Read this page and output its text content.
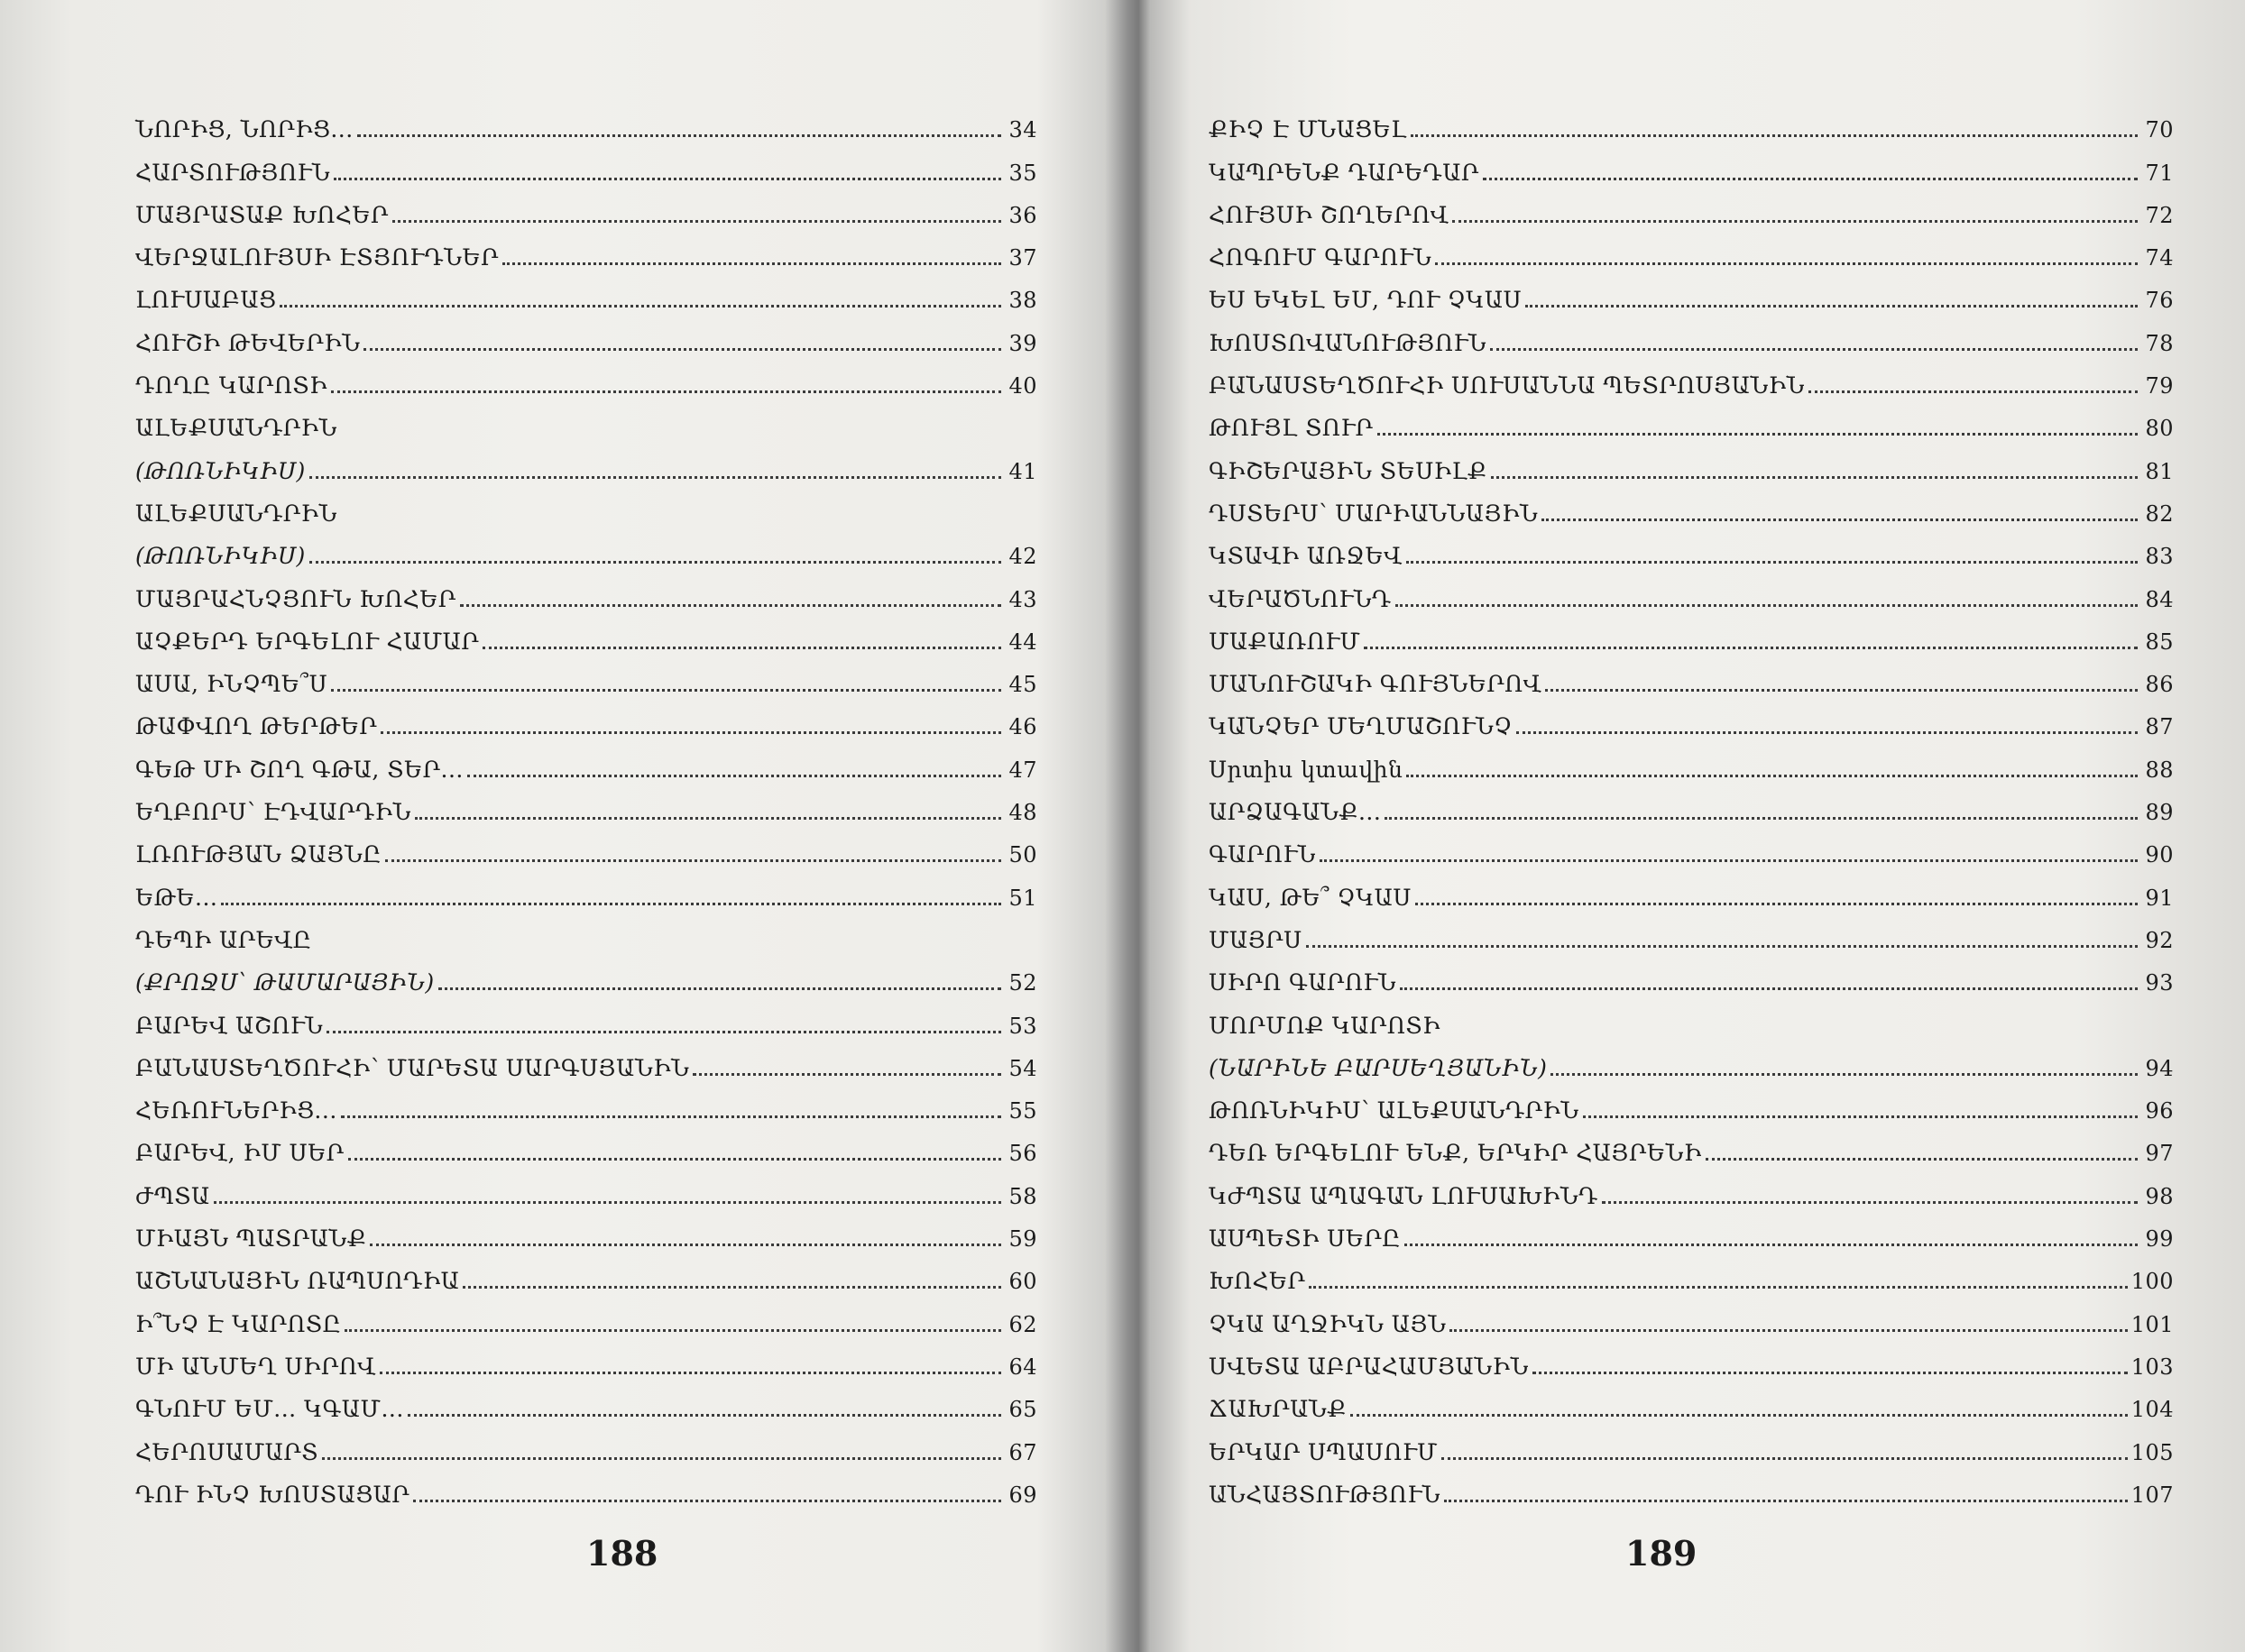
ՆՈՐԻՑ, ՆՈՐԻՑ...	34
ՀԱՐՏՈՒԹՅՈՒՆ	35
ՄԱՅՐԱՏԱՔ ԽՈՀԵՐ	36
ՎԵՐՋԱԼՈՒՅՍԻ ԷՏՅՈՒԴՆԵՐ	37
ԼՈՒՍԱԲԱՑ	38
ՀՈՒՇԻ ԹԵՎԵՐԻՆ	39
ԴՈՂԸ ԿԱՐՈՏԻ	40
ԱԼԵՔՍԱՆԴՐԻՆ
(ԹՈՌՆԻԿԻՍ)	41
ԱԼԵՔՍԱՆԴՐԻՆ
(ԹՈՌՆԻԿԻՍ)	42
ՄԱՅՐԱՀՆՉՅՈՒՆ ԽՈՀԵՐ	43
ԱՉՔԵՐԴ ԵՐԳԵԼՈՒ ՀԱՄԱՐ	44
ԱՍԱ, ԻՆՉՊԵ՞Ս	45
ԹԱՓՎՈՂ ԹԵՐԹԵՐ	46
ԳԵԹ ՄԻ ՇՈՂ ԳԹԱ, ՏԵՐ...	47
ԵՂԲՈՐՍ՝ ԷԴՎԱՐԴԻՆ	48
ԼՌՈՒԹՅԱՆ ՁԱՅՆԸ	50
ԵԹԵ...	51
ԴԵՊԻ ԱՐԵՎԸ
(ՔՐՈՋՍ՝ ԹԱՄԱՐԱՅԻՆ)	52
ԲԱՐԵՎ ԱՇՈՒՆ	53
ԲԱՆԱՍՏԵՂԾՈՒՀԻ՝ ՄԱՐԵՏԱ ՍԱՐԳՍՅԱՆԻՆ	54
ՀԵՌՈՒՆԵՐԻՑ...	55
ԲԱՐԵՎ, ԻՄ ՍԵՐ	56
ԺՊՏԱ	58
ՄԻԱՅՆ ՊԱՏՐԱՆՔ	59
ԱՇՆԱՆԱՅԻՆ ՌԱՊՍՈԴԻԱ	60
Ի՞ՆՉ Է ԿԱՐՈՏԸ	62
ՄԻ ԱՆՄԵՂ ՍԻՐՈՎ	64
ԳՆՈՒՄ ԵՄ... ԿԳԱՄ...	65
ՀԵՐՈՍԱՄԱՐՏ	67
ԴՈՒ ԻՆՉ ԽՈՍՏԱՑԱՐ	69
188
ՔԻՉ Է ՄՆԱՑԵԼ	70
ԿԱՊՐԵՆՔ ԴԱՐԵԴԱՐ	71
ՀՈՒՅՍԻ ՇՈՂԵՐՈՎ	72
ՀՈԳՈՒՄ ԳԱՐՈՒՆ	74
ԵՍ ԵԿԵԼ ԵՄ, ԴՈՒ ՉԿԱՍ	76
ԽՈՍՏՈՎԱՆՈՒԹՅՈՒՆ	78
ԲԱՆԱՍՏԵՂԾՈՒՀԻ ՍՈՒՍԱՆՆԱ ՊԵՏՐՈՍՅԱՆԻՆ	79
ԹՈՒՅԼ ՏՈՒՐ	80
ԳԻՇԵՐԱՅԻՆ ՏԵՍԻԼՔ	81
ԴՍՏԵՐՍ՝ ՄԱՐԻԱՆՆԱՅԻՆ	82
ԿՏԱՎԻ ԱՌՋԵՎ	83
ՎԵՐԱԾՆՈՒՆԴ	84
ՄԱՔԱՌՈՒՄ	85
ՄԱՆՈՒՇԱԿԻ ԳՈՒՅՆԵՐՈՎ	86
ԿԱՆՉԵՐ ՄԵՂՄԱՇՈՒՆՉ	87
Սրտիս կտավին	88
ԱՐՁԱԳԱՆՔ...	89
ԳԱՐՈՒՆ	90
ԿԱՍ, ԹԵ՞ ՉԿԱՍ	91
ՄԱՅՐՍ	92
ՍԻՐՈ ԳԱՐՈՒՆ	93
ՄՈՐՄՈՔ ԿԱՐՈՏԻ
(ՆԱՐԻՆԵ ԲԱՐՍԵՂՅԱՆԻՆ)	94
ԹՈՌՆԻԿԻՍ՝ ԱԼԵՔՍԱՆԴՐԻՆ	96
ԴԵՌ ԵՐԳԵԼՈՒ ԵՆՔ, ԵՐԿԻՐ ՀԱՅՐԵՆԻ	97
ԿԺՊՏԱ ԱՊԱԳԱՆ ԼՈՒՍԱԽԻՆԴ	98
ԱՍՊԵՏԻ ՍԵՐԸ	99
ԽՈՀԵՐ	100
ՉԿԱ ԱՂՋԻԿՆ ԱՅՆ	101
ՍՎԵՏԱ ԱԲՐԱՀԱՄՅԱՆԻՆ	103
ՃԱԽՐԱՆՔ	104
ԵՐԿԱՐ ՍՊԱՍՈՒՄ	105
ԱՆՀԱՅՏՈՒԹՅՈՒՆ	107
189
